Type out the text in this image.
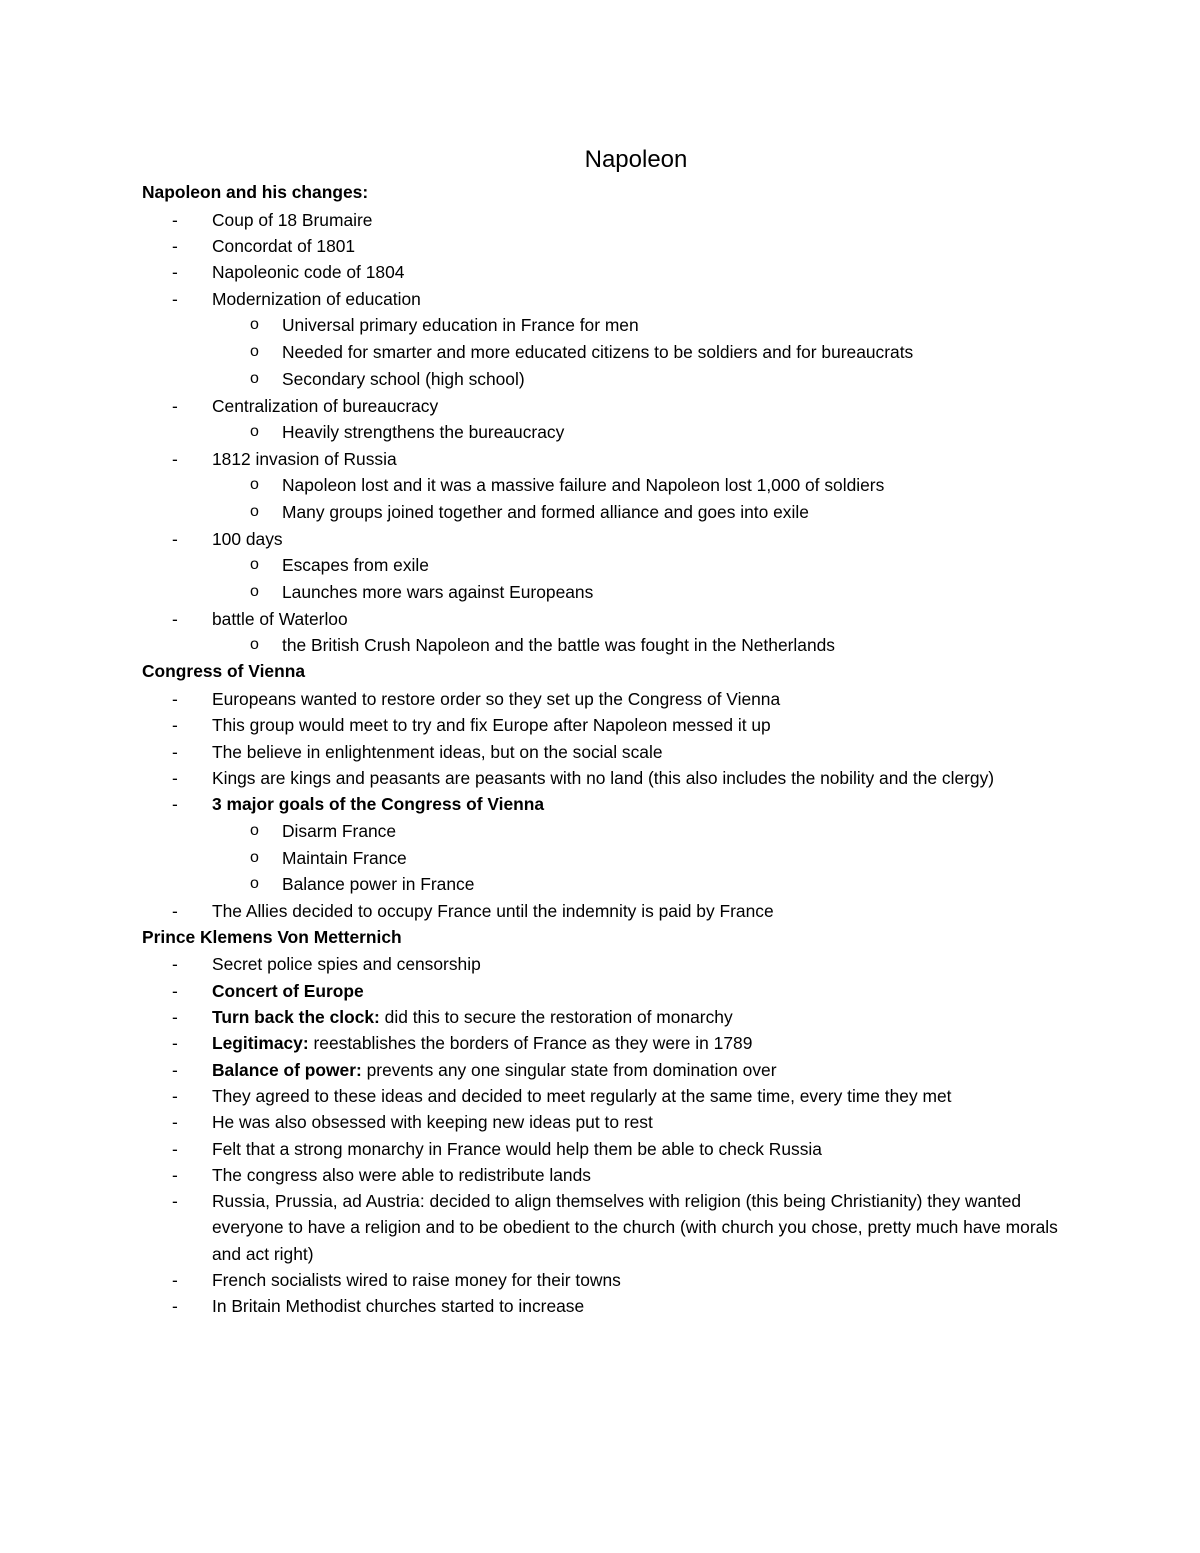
Napoleon
Napoleon and his changes:
- Coup of 18 Brumaire
- Concordat of 1801
- Napoleonic code of 1804
- Modernization of education
o Universal primary education in France for men
o Needed for smarter and more educated citizens to be soldiers and for bureaucrats
o Secondary school (high school)
- Centralization of bureaucracy
o Heavily strengthens the bureaucracy
- 1812 invasion of Russia
o Napoleon lost and it was a massive failure and Napoleon lost 1,000 of soldiers
o Many groups joined together and formed alliance and goes into exile
- 100 days
o Escapes from exile
o Launches more wars against Europeans
- battle of Waterloo
o the British Crush Napoleon and the battle was fought in the Netherlands
Congress of Vienna
- Europeans wanted to restore order so they set up the Congress of Vienna
- This group would meet to try and fix Europe after Napoleon messed it up
- The believe in enlightenment ideas, but on the social scale
- Kings are kings and peasants are peasants with no land (this also includes the nobility and the clergy)
- 3 major goals of the Congress of Vienna
o Disarm France
o Maintain France
o Balance power in France
- The Allies decided to occupy France until the indemnity is paid by France
Prince Klemens Von Metternich
- Secret police spies and censorship
- Concert of Europe
- Turn back the clock: did this to secure the restoration of monarchy
- Legitimacy: reestablishes the borders of France as they were in 1789
- Balance of power: prevents any one singular state from domination over
- They agreed to these ideas and decided to meet regularly at the same time, every time they met
- He was also obsessed with keeping new ideas put to rest
- Felt that a strong monarchy in France would help them be able to check Russia
- The congress also were able to redistribute lands
- Russia, Prussia, ad Austria: decided to align themselves with religion (this being Christianity) they wanted everyone to have a religion and to be obedient to the church (with church you chose, pretty much have morals and act right)
- French socialists wired to raise money for their towns
- In Britain Methodist churches started to increase
